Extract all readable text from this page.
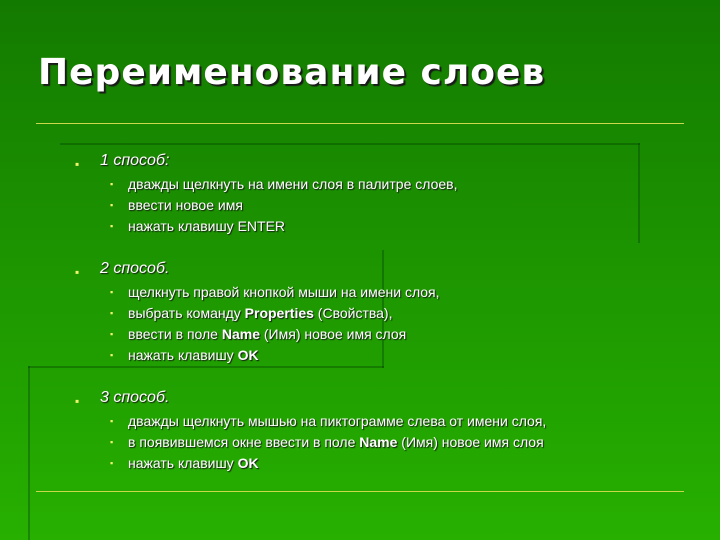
Переименование слоев
▪ 1 способ:
▪ дважды щелкнуть на имени слоя в палитре слоев,
▪ ввести новое имя
▪ нажать клавишу ENTER
▪ 2 способ.
▪ щелкнуть правой кнопкой мыши на имени слоя,
▪ выбрать команду Properties (Свойства),
▪ ввести в поле Name (Имя) новое имя слоя
▪ нажать клавишу OK
▪ 3 способ.
▪ дважды щелкнуть мышью на пиктограмме слева от имени слоя,
▪ в появившемся окне ввести в поле Name (Имя) новое имя слоя
▪ нажать клавишу OK
